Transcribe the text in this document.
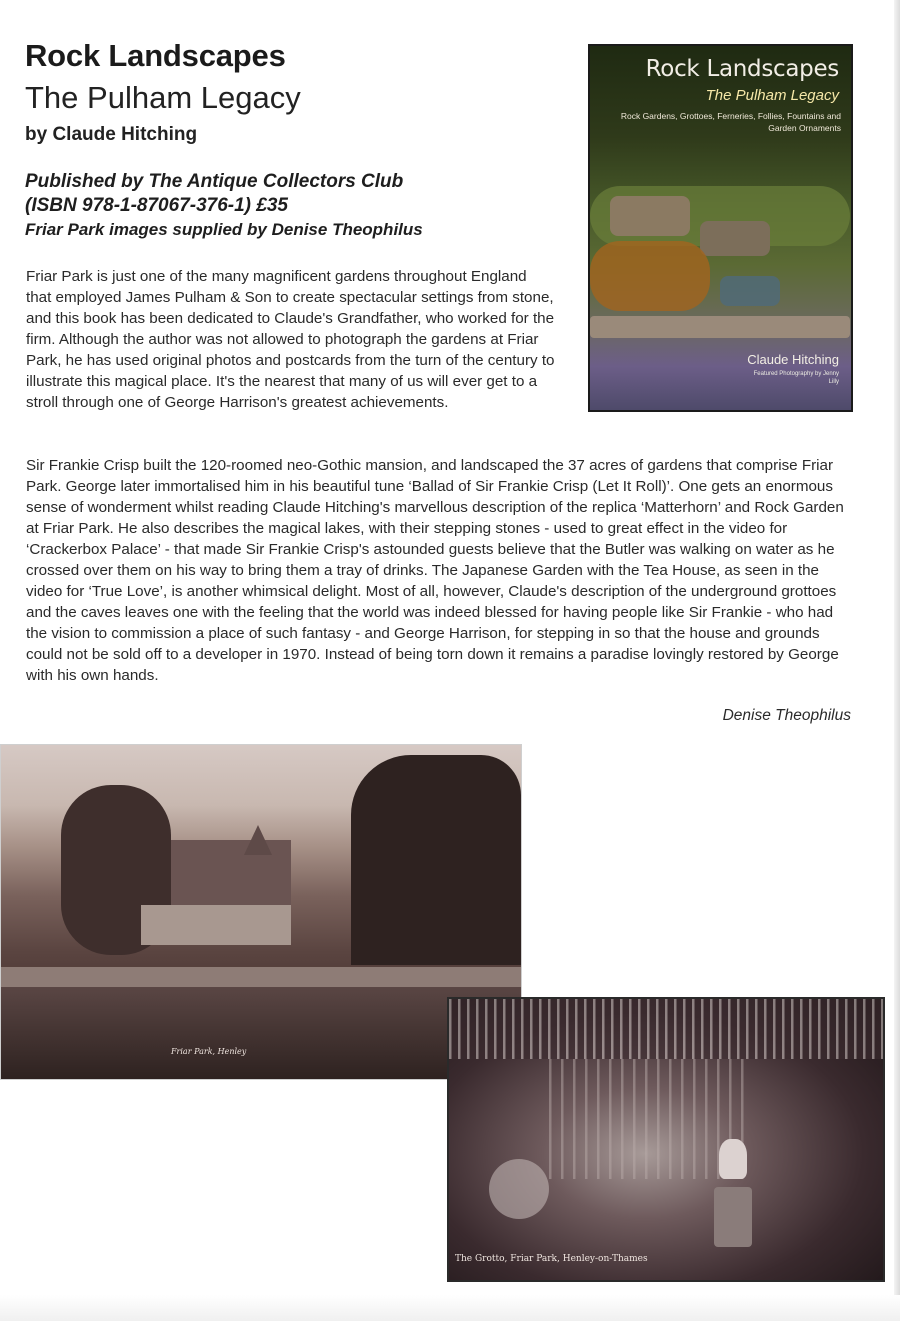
Rock Landscapes
The Pulham Legacy

by Claude Hitching

Published by The Antique Collectors Club
(ISBN 978-1-87067-376-1) £35
Friar Park images supplied by Denise Theophilus

Friar Park is just one of the many magnificent gardens throughout England that employed James Pulham & Son to create spectacular settings from stone, and this book has been dedicated to Claude's Grandfather, who worked for the firm. Although the author was not allowed to photograph the gardens at Friar Park, he has used original photos and postcards from the turn of the century to illustrate this magical place. It's the nearest that many of us will ever get to a stroll through one of George Harrison's greatest achievements.

Rock Landscapes
The Pulham Legacy
Rock Gardens, Grottoes, Ferneries, Follies, Fountains and Garden Ornaments
Claude Hitching
Featured Photography by Jenny Lilly

Sir Frankie Crisp built the 120-roomed neo-Gothic mansion, and landscaped the 37 acres of gardens that comprise Friar Park. George later immortalised him in his beautiful tune ‘Ballad of Sir Frankie Crisp (Let It Roll)’. One gets an enormous sense of wonderment whilst reading Claude Hitching's marvellous description of the replica ‘Matterhorn’ and Rock Garden at Friar Park. He also describes the magical lakes, with their stepping stones - used to great effect in the video for ‘Crackerbox Palace’ - that made Sir Frankie Crisp's astounded guests believe that the Butler was walking on water as he crossed over them on his way to bring them a tray of drinks. The Japanese Garden with the Tea House, as seen in the video for ‘True Love’, is another whimsical delight. Most of all, however, Claude's description of the underground grottoes and the caves leaves one with the feeling that the world was indeed blessed for having people like Sir Frankie - who had the vision to commission a place of such fantasy - and George Harrison, for stepping in so that the house and grounds could not be sold off to a developer in 1970. Instead of being torn down it remains a paradise lovingly restored by George with his own hands.

Denise Theophilus

Friar Park, Henley
The Grotto, Friar Park, Henley-on-Thames
